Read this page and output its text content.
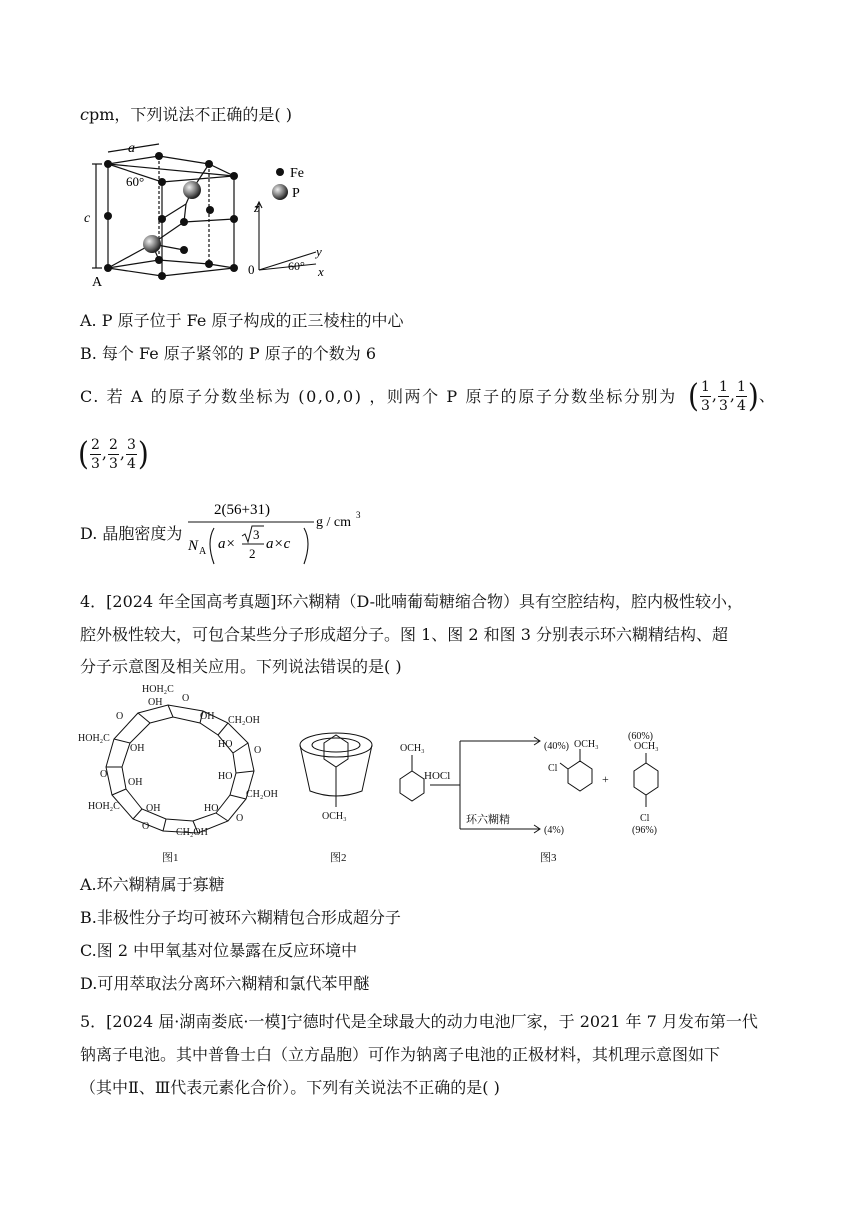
cpm，下列说法不正确的是( )
a
60°
c
A
Fe
P
z
y
x
0	60°
A. P 原子位于 Fe 原子构成的正三棱柱的中心
B. 每个 Fe 原子紧邻的 P 原子的个数为 6
C. 若 A 的原子分数坐标为 (0,0,0) ，则两个 P 原子的原子分数坐标分别为 ( $\frac{1}{3}$ , $\frac{1}{3}$ , $\frac{1}{4}$ )、
( $\frac{2}{3}$ , $\frac{2}{3}$ , $\frac{3}{4}$ )
D. 晶胞密度为
2(56+31)
N A a×
3
2
a×c
g / cm 3
4．[2024 年全国高考真题]环六糊精（D-吡喃葡萄糖缩合物）具有空腔结构，腔内极性较小，
腔外极性较大，可包合某些分子形成超分子。图 1、图 2 和图 3 分别表示环六糊精结构、超
分子示意图及相关应用。下列说法错误的是( )
HOH₂C
CH₂OH
HOH₂C
CH₂OH
HOH₂C
CH₂OH
OH
OH
HO
OH
HO
OH
OH	HO
O
O
O
O
O
O
图1
OCH₃
图2
OCH₃
HOCl
环六糊精
OCH₃
Cl
(40%)
+
(4%)
OCH₃
(60%)
Cl
(96%)
图3
A.环六糊精属于寡糖
B.非极性分子均可被环六糊精包合形成超分子
C.图 2 中甲氧基对位暴露在反应环境中
D.可用萃取法分离环六糊精和氯代苯甲醚
5．[2024 届·湖南娄底·一模]宁德时代是全球最大的动力电池厂家，于 2021 年 7 月发布第一代
钠离子电池。其中普鲁士白（立方晶胞）可作为钠离子电池的正极材料，其机理示意图如下
（其中Ⅱ、Ⅲ代表元素化合价）。下列有关说法不正确的是( )
